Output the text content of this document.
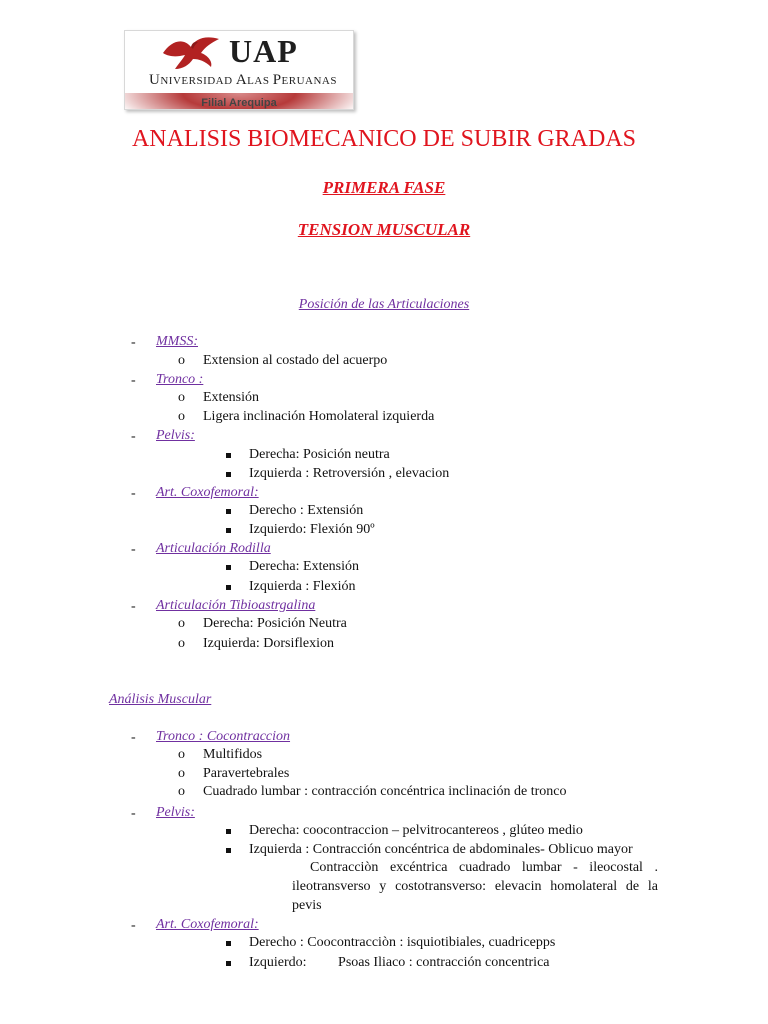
UAP
UNIVERSIDAD ALAS PERUANAS
Filial Arequipa
ANALISIS BIOMECANICO DE SUBIR GRADAS
PRIMERA FASE
TENSION MUSCULAR
Posición de las Articulaciones
- MMSS:
o Extension al costado del acuerpo
- Tronco :
o Extensión
o Ligera inclinación Homolateral izquierda
- Pelvis:
Derecha: Posición neutra
Izquierda : Retroversión , elevacion
- Art. Coxofemoral:
Derecho : Extensión
Izquierdo: Flexión 90º
- Articulación Rodilla
Derecha: Extensión
Izquierda : Flexión
- Articulación Tibioastrgalina
o Derecha: Posición Neutra
o Izquierda: Dorsiflexion
Análisis Muscular
- Tronco : Cocontraccion
o Multifidos
o Paravertebrales
o Cuadrado lumbar : contracción concéntrica inclinación de tronco
- Pelvis:
Derecha: coocontraccion – pelvitrocantereos , glúteo medio
Izquierda : Contracción concéntrica de abdominales- Oblicuo mayor
Contracciòn excéntrica cuadrado lumbar - ileocostal .
ileotransverso y costotransverso: elevacin homolateral de la
pevis
- Art. Coxofemoral:
Derecho : Coocontracciòn : isquiotibiales, cuadricepps
Izquierdo:         Psoas Iliaco : contracción concentrica
